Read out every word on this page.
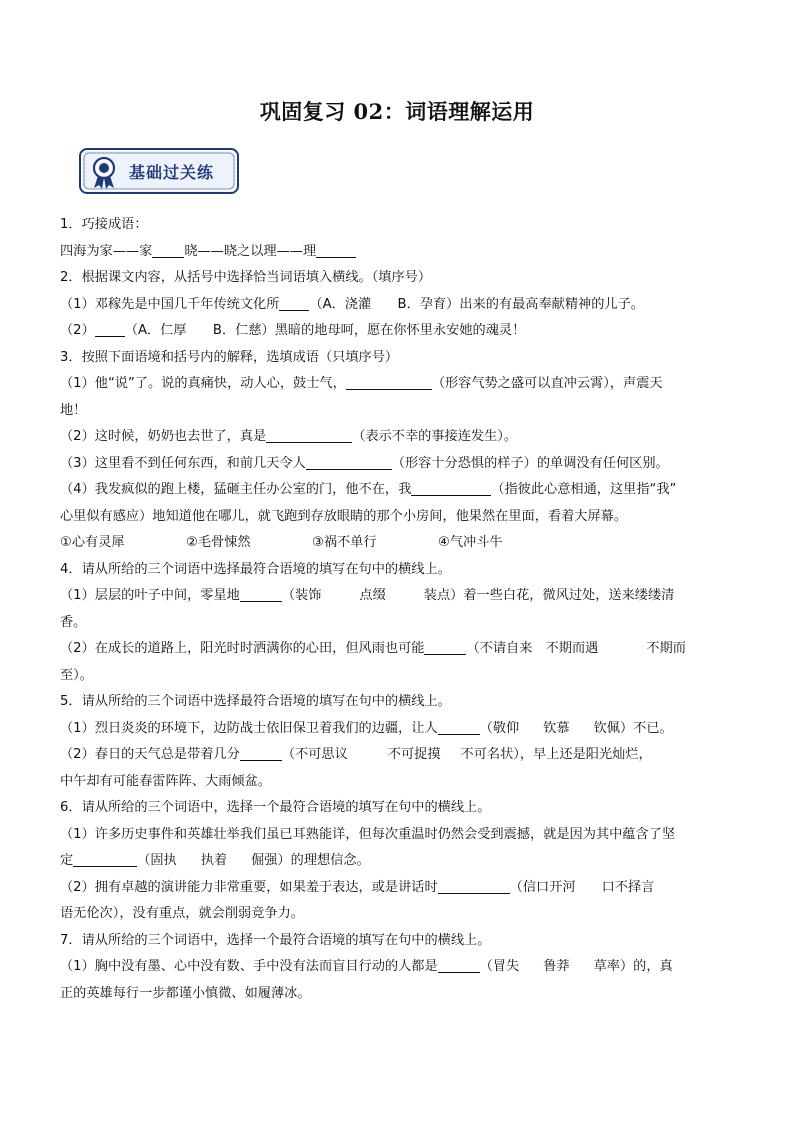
巩固复习 02：词语理解运用
基础过关练
1．巧接成语：
四海为家——家 晓——晓之以理——理
2．根据课文内容，从括号中选择恰当词语填入横线。（填序号）
（1）邓稼先是中国几千年传统文化所 （A．浇灌　　B．孕育）出来的有最高奉献精神的儿子。
（2） （A．仁厚　　B．仁慈）黑暗的地母呵，愿在你怀里永安她的魂灵！
3．按照下面语境和括号内的解释，选填成语（只填序号）
（1）他“说”了。说的真痛快，动人心，鼓士气，	（形容气势之盛可以直冲云霄），声震天
地！
（2）这时候，奶奶也去世了，真是	（表示不幸的事接连发生）。
（3）这里看不到任何东西，和前几天令人	（形容十分恐惧的样子）的单调没有任何区别。
（4）我发疯似的跑上楼，猛砸主任办公室的门，他不在，我	（指彼此心意相通，这里指“我”
心里似有感应）地知道他在哪儿，就飞跑到存放眼睛的那个小房间，他果然在里面，看着大屏幕。
①心有灵犀	②毛骨悚然	③祸不单行	④气冲斗牛
4．请从所给的三个词语中选择最符合语境的填写在句中的横线上。
（1）层层的叶子中间，零星地	（装饰	点缀	装点）着一些白花，微风过处，送来缕缕清
香。
（2）在成长的道路上，阳光时时洒满你的心田，但风雨也可能	（不请自来　不期而遇	不期而
至）。
5．请从所给的三个词语中选择最符合语境的填写在句中的横线上。
（1）烈日炎炎的环境下，边防战士依旧保卫着我们的边疆，让人	（敬仰 钦慕 钦佩）不已。
（2）春日的天气总是带着几分	（不可思议	不可捉摸 不可名状），早上还是阳光灿烂，
中午却有可能春雷阵阵、大雨倾盆。
6．请从所给的三个词语中，选择一个最符合语境的填写在句中的横线上。
（1）许多历史事件和英雄壮举我们虽已耳熟能详，但每次重温时仍然会受到震撼，就是因为其中蕴含了坚
定	（固执 执着 倔强）的理想信念。
（2）拥有卓越的演讲能力非常重要，如果羞于表达，或是讲话时	（信口开河 口不择言
语无伦次），没有重点，就会削弱竞争力。
7．请从所给的三个词语中，选择一个最符合语境的填写在句中的横线上。
（1）胸中没有墨、心中没有数、手中没有法而盲目行动的人都是	（冒失 鲁莽 草率）的，真
正的英雄每行一步都谨小慎微、如履薄冰。
